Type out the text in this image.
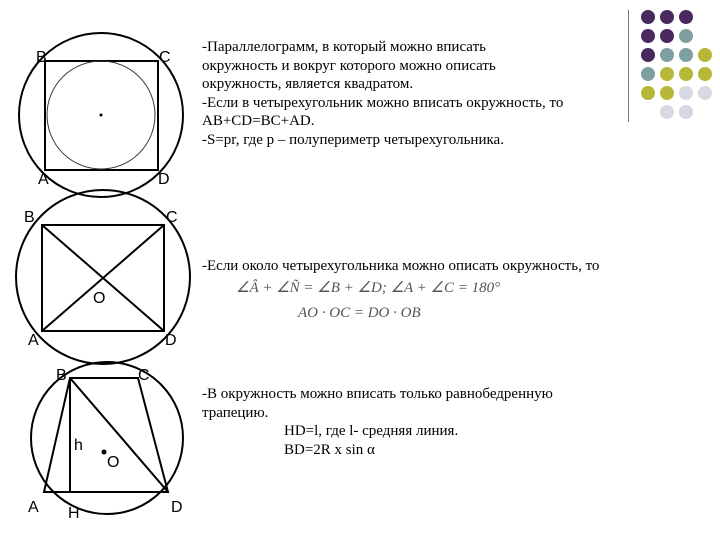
B	C
A	D
B	C
O
A	D
B	C
h
O
A H	D
∠Â + ∠Ñ = ∠B + ∠D; ∠A + ∠C = 180°
AO · OC = DO · OB
-Параллелограмм, в который можно вписать
окружность и вокруг которого можно описать
окружность, является квадратом.
-Если в четырехугольник можно вписать окружность, то
AB+CD=BC+AD.
-S=pr, где р – полупериметр четырехугольника.
-Если около четырехугольника можно описать окружность, то
-В окружность можно вписать только равнобедренную
трапецию.
HD=l, где l- средняя линия.
BD=2R x sin α
